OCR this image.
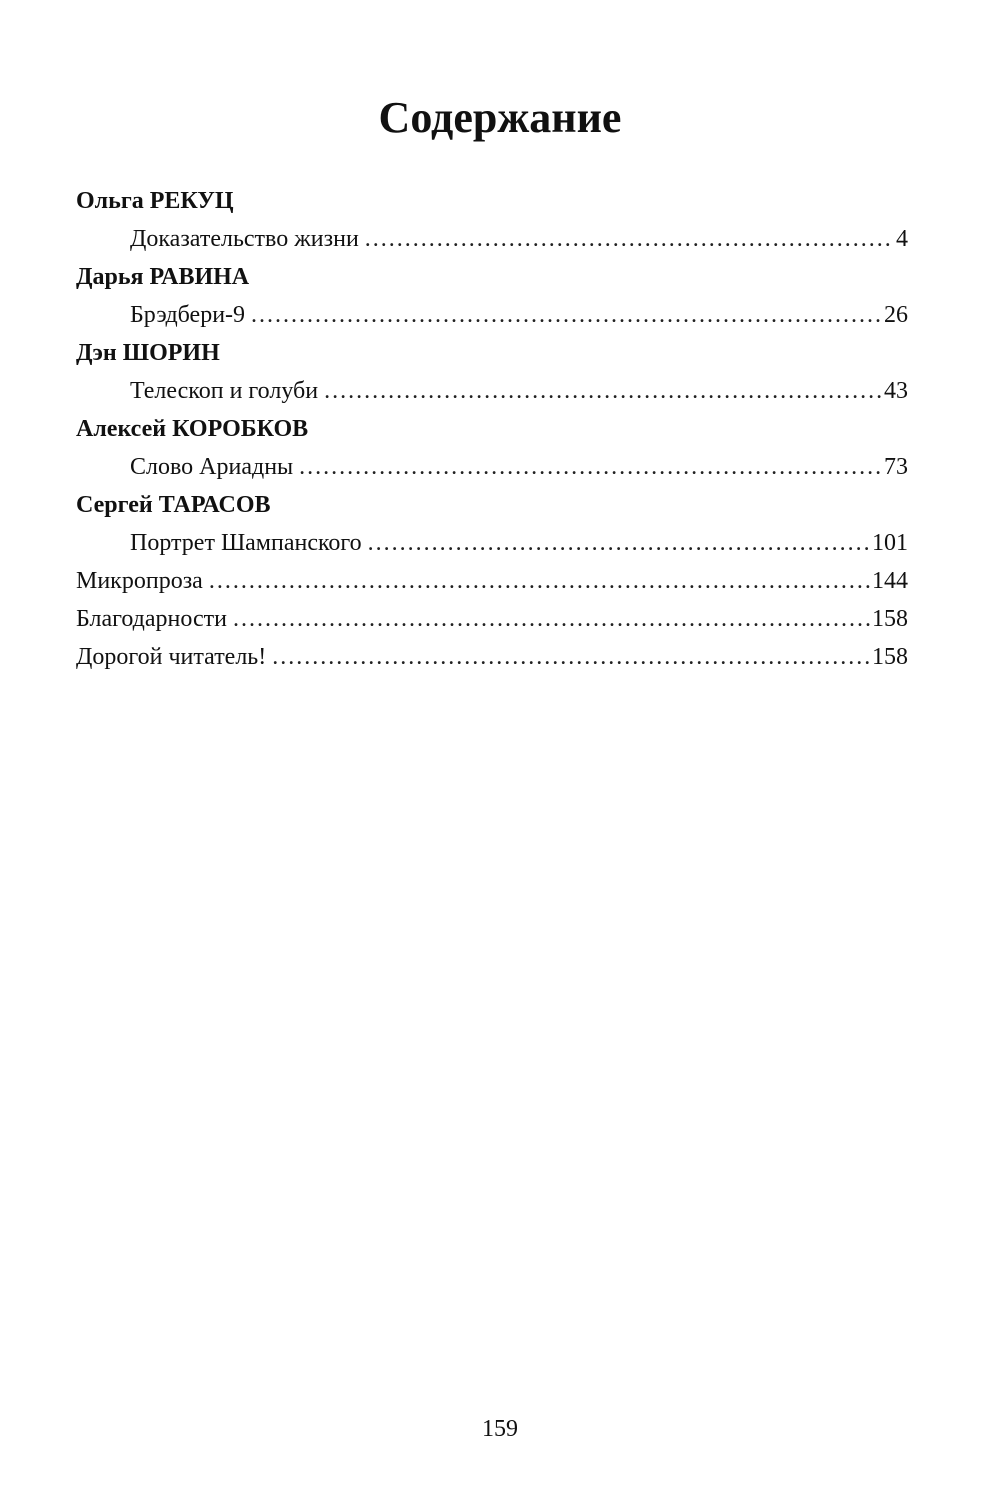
Содержание
Ольга РЕКУЦ
Доказательство жизни .....	4
Дарья РАВИНА
Брэдбери-9 .....	26
Дэн ШОРИН
Телескоп и голуби .....	43
Алексей КОРОБКОВ
Слово Ариадны .....	73
Сергей ТАРАСОВ
Портрет Шампанского .....	101
Микропроза .....	144
Благодарности .....	158
Дорогой читатель! .....	158
159
